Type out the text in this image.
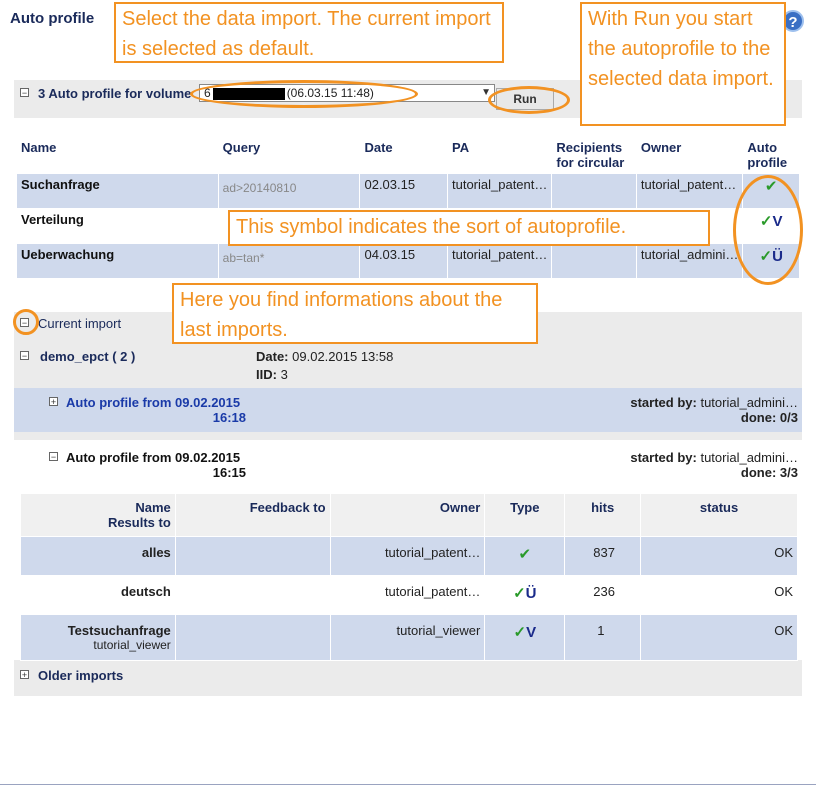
Auto profile	?
− 3 Auto profile for volume	6	(06.03.15 11:48)	▼	Run
Name	Query	Date	PA	Recipients for circular	Owner	Auto profile
Suchanfrage	ad>20140810	02.03.15	tutorial_patent…		tutorial_patent…	✔
Verteilung						✓V
Ueberwachung	ab=tan*	04.03.15	tutorial_patent…		tutorial_admini…	✓Ü
− Current import
− demo_epct ( 2 )	Date: 09.02.2015 13:58
IID: 3
+ Auto profile from 09.02.2015
16:18
started by: tutorial_admini…
done: 0/3
− Auto profile from 09.02.2015
16:15
started by: tutorial_admini…
done: 3/3
Name
Results to	Feedback to	Owner	Type	hits	status
alles		tutorial_patent…	✔	837	OK
deutsch		tutorial_patent…	✓Ü	236	OK

Testsuchanfrage
tutorial_viewer		tutorial_viewer	✓V	1	OK
+ Older imports
Select the data import. The current import is selected as default.
With Run you start the autoprofile to the selected data import.
This symbol indicates the sort of autoprofile.
Here you find informations about the last imports.
